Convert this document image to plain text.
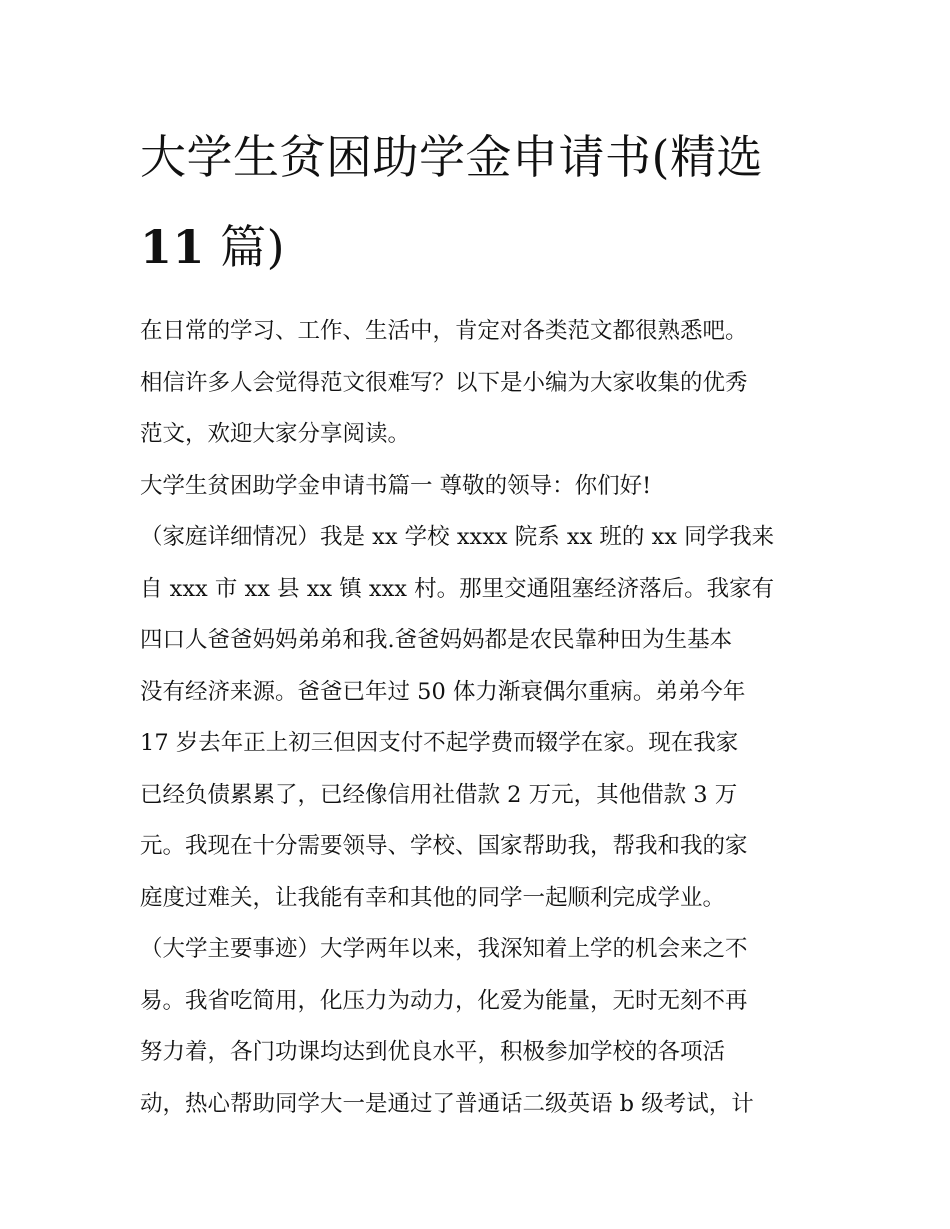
大学生贫困助学金申请书(精选
11 篇)
在日常的学习、工作、生活中，肯定对各类范文都很熟悉吧。
相信许多人会觉得范文很难写？以下是小编为大家收集的优秀
范文，欢迎大家分享阅读。
大学生贫困助学金申请书篇一 尊敬的领导：你们好!
（家庭详细情况）我是 xx 学校 xxxx 院系 xx 班的 xx 同学我来
自 xxx 市 xx 县 xx 镇 xxx 村。那里交通阻塞经济落后。我家有
四口人爸爸妈妈弟弟和我.爸爸妈妈都是农民靠种田为生基本
没有经济来源。爸爸已年过 50 体力渐衰偶尔重病。弟弟今年
17 岁去年正上初三但因支付不起学费而辍学在家。现在我家
已经负债累累了，已经像信用社借款 2 万元，其他借款 3 万
元。我现在十分需要领导、学校、国家帮助我，帮我和我的家
庭度过难关，让我能有幸和其他的同学一起顺利完成学业。
（大学主要事迹）大学两年以来，我深知着上学的机会来之不
易。我省吃简用，化压力为动力，化爱为能量，无时无刻不再
努力着，各门功课均达到优良水平，积极参加学校的各项活
动，热心帮助同学大一是通过了普通话二级英语 b 级考试，计
